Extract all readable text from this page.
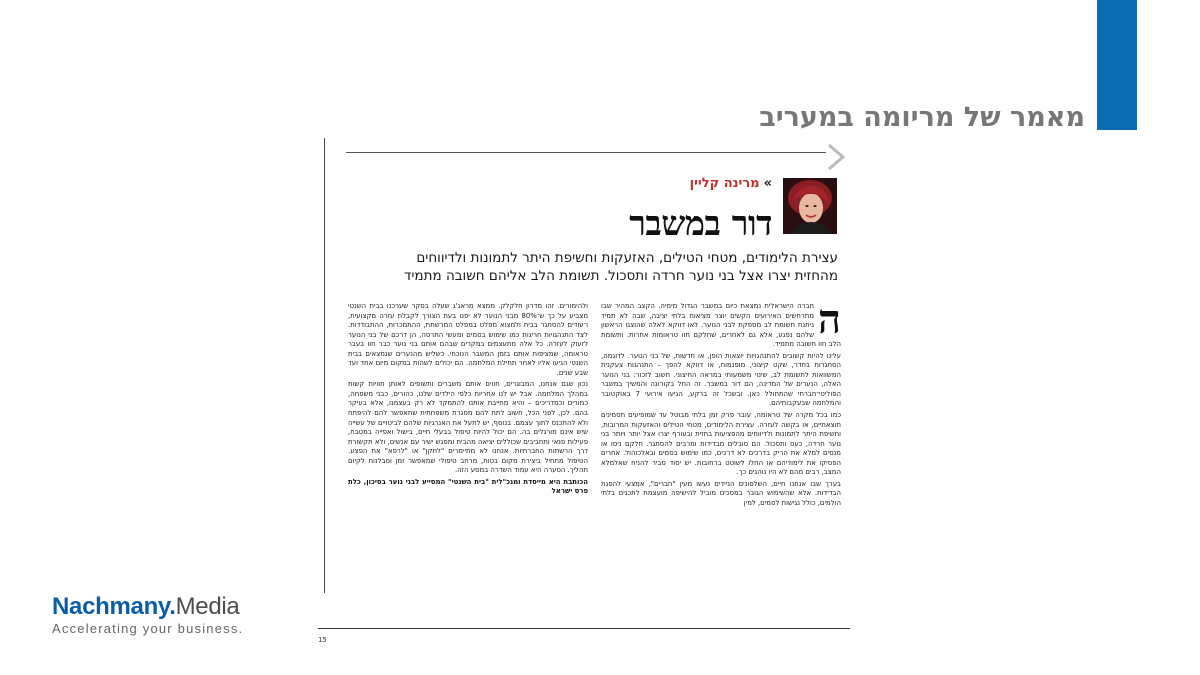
מאמר של מריומה במעריב
»מרינה קליין
דור במשבר
עצירת הלימודים, מטחי הטילים, האזעקות וחשיפת היתר לתמונות ולדיווחים
מהחזית יצרו אצל בני נוער חרדה ותסכול. תשומת הלב אליהם חשובה מתמיד
ה

חברה הישראלית נמצאת כיום במשבר הגדול מימיה. הקצב המהיר שבו מתרחשים האירועים הקשים יוצר מציאות בלתי יציבה, שבה לא תמיד ניתנת תשומת לב מספקת לבני הנוער. לאו דווקא לאלה שהוצגו הראשון שלהם נפגע, אלא גם לאחרים, שחלקם חוו טראומות אחרות. ותשומת הלב חוו חשובה מתמיד.

עלינו להיות קשובים להתנהגויות יוצאות הופן, או חדשות, של בני הנוער. לדוגמה, הסתגרות בחדר, שקט קיצוני, מופנמות, או דווקא להפך – התנהגות צעקנית המשוואות לתשומת לב, שינוי משמעותי במראה החיצוני. חשוב לזכור: בני הנוער האלה, הנערים של המדינה, הם דור במשבר. זה החל בקורונה והמשיך במשבר הפוליטי־חברתי שהתחולל כאן. ובשכל זה ברקע, הגיעו אירועי 7 באוקטובר והמלחמה שבעקבותיהם.

כמו בכל מקרה של טראומה, עובר פרק זמן בלתי מבוטל עד שמופיעים תסמינים תוצאתיים, או בקשה לעזרה. עצירת הלימודים, מטחי הטילים והאזעקות המרובות, וחשיפת היתר לתמונות ולדיווחים מהפציעות בחזית ובעורף יצרו אצל יותר ויותר בני נוער חרדה, כעס ותסכול. הם סובלים מבדידות ומרבים להסתגר. חלקם ניסו או מנסים למלא את הריק בדרכים לא דרכים, כמו שימוש בסמים ובאלכוהול. אחרים הפסיקו את לימודיהם או החלו לשוטט ברחובות. יש יסוד סביר להניח שאלמלא המצב, רבים מהם לא היו נוהגים כך.

בערך שבו אנחנו חיים, השלפונים הניידים נעשו מעין "חברים", אמצעי להפגת הבדידות. אלא שהשימוש הגובר במסכים מוביל להישיפה מועצמת לתכנים בלתי הולמים, כולל נגישות לסמים, למין

ולהימורים. זהו מדרון חלקלק. ממצא מראג'ג שעלה בסקר שערכנו בבית השנטי מצביע על כך ש־80% מבני הנוער לא יפנו בעת הצורך לקבלת עזרה מקצועית, ו־עודים להסתגר בבית ולמצוא מפלט במפלט המרשתת, ההתמכרות, ההתבודדות. לצד התנהגויות חריגות כמו שימוש בסמים ומעשי התרסה, הן דרכם של בני הנוער לזעוק לעזרה. כל אלה מתעצמים במקרים שבהם אותם בני נוער כבר חוו בעבר טראומה, שמציפות אותם בזמן המשבר הנוכחי. כשליש מהנערים שנמצאים בבית השנטי הגיעו אליו לאחר תחילת המלחמה. הם יכולים לשהות במקום מיום אחד ועד שבע שנים.

נכון שגם אנחנו, המבוגרים, חווים אותם משברים ותשופים לאותן חוויות קשות במהלך המלחמה. אבל יש לנו אחריות כלפי הילדים שלנו, כהורים, כבני משפחה, כמורים וכמדריכים – והיא מחייבת אותנו להתמקד לא רק בעצמנו, אלא בעיקר בהם. לכן, לפני הכל, חשוב לתת להם מסגרת משפחתית שתאפשר להם להיפתח ולא להתכנס לתוך עצמם. בנוסף, יש לתעל את האנרגיות שלהם לביטויים של עשייה שיש אינם מורגלים בה. הם יכול להיות טיפול בבעלי חיים, בישול ואפייה במטבח, פעילות פנאי ותחביבים שכוללים יציאה מהבית ומפגש ישיר עם אנשים, ולא תקשורת דרך הרשתות החברתיות. אנחנו לא מתיימרים "לתקן" או "לרפא" את הפצע. הטיפול מתחיל ביצירת מקום בטוח, מרחב טיפולי שמאפשר זמן וסבלנות לקיום תהליך. הסערה היא עמוד השדרה במסע הזה.

הכותבת היא מייסדת ומנכ"לית "בית השנטי" המסייע לבני נוער בסיכון, כלת פרס ישראל

15
Nachmany.Media
Accelerating your business.
